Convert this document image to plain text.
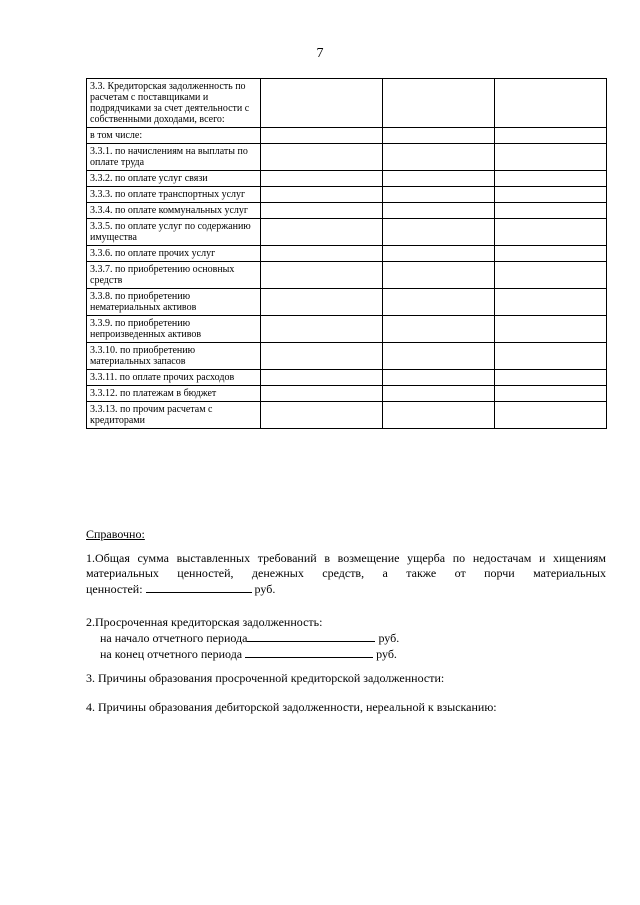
7
3.3. Кредиторская задолженность по расчетам с поставщиками и подрядчиками за счет деятельности с собственными доходами, всего:			
в том числе:			
3.3.1. по начислениям на выплаты по оплате труда			
3.3.2. по оплате услуг связи			
3.3.3. по оплате транспортных услуг			
3.3.4. по оплате коммунальных услуг			
3.3.5. по оплате услуг по содержанию имущества			
3.3.6. по оплате прочих услуг			
3.3.7. по приобретению основных средств			
3.3.8. по приобретению нематериальных активов			
3.3.9. по приобретению непроизведенных активов			
3.3.10. по приобретению материальных запасов			
3.3.11. по оплате прочих расходов			
3.3.12. по платежам в бюджет			
3.3.13. по прочим расчетам с кредиторами			
Справочно:
1.Общая сумма выставленных требований в возмещение ущерба по недостачам и хищениям
материальных ценностей, денежных средств, а также от порчи материальных
ценностей:	руб.
2.Просроченная кредиторская задолженность:
на начало отчетного периода	руб.
на конец отчетного периода	руб.
3. Причины образования просроченной кредиторской задолженности:
4. Причины образования дебиторской задолженности, нереальной к взысканию:
